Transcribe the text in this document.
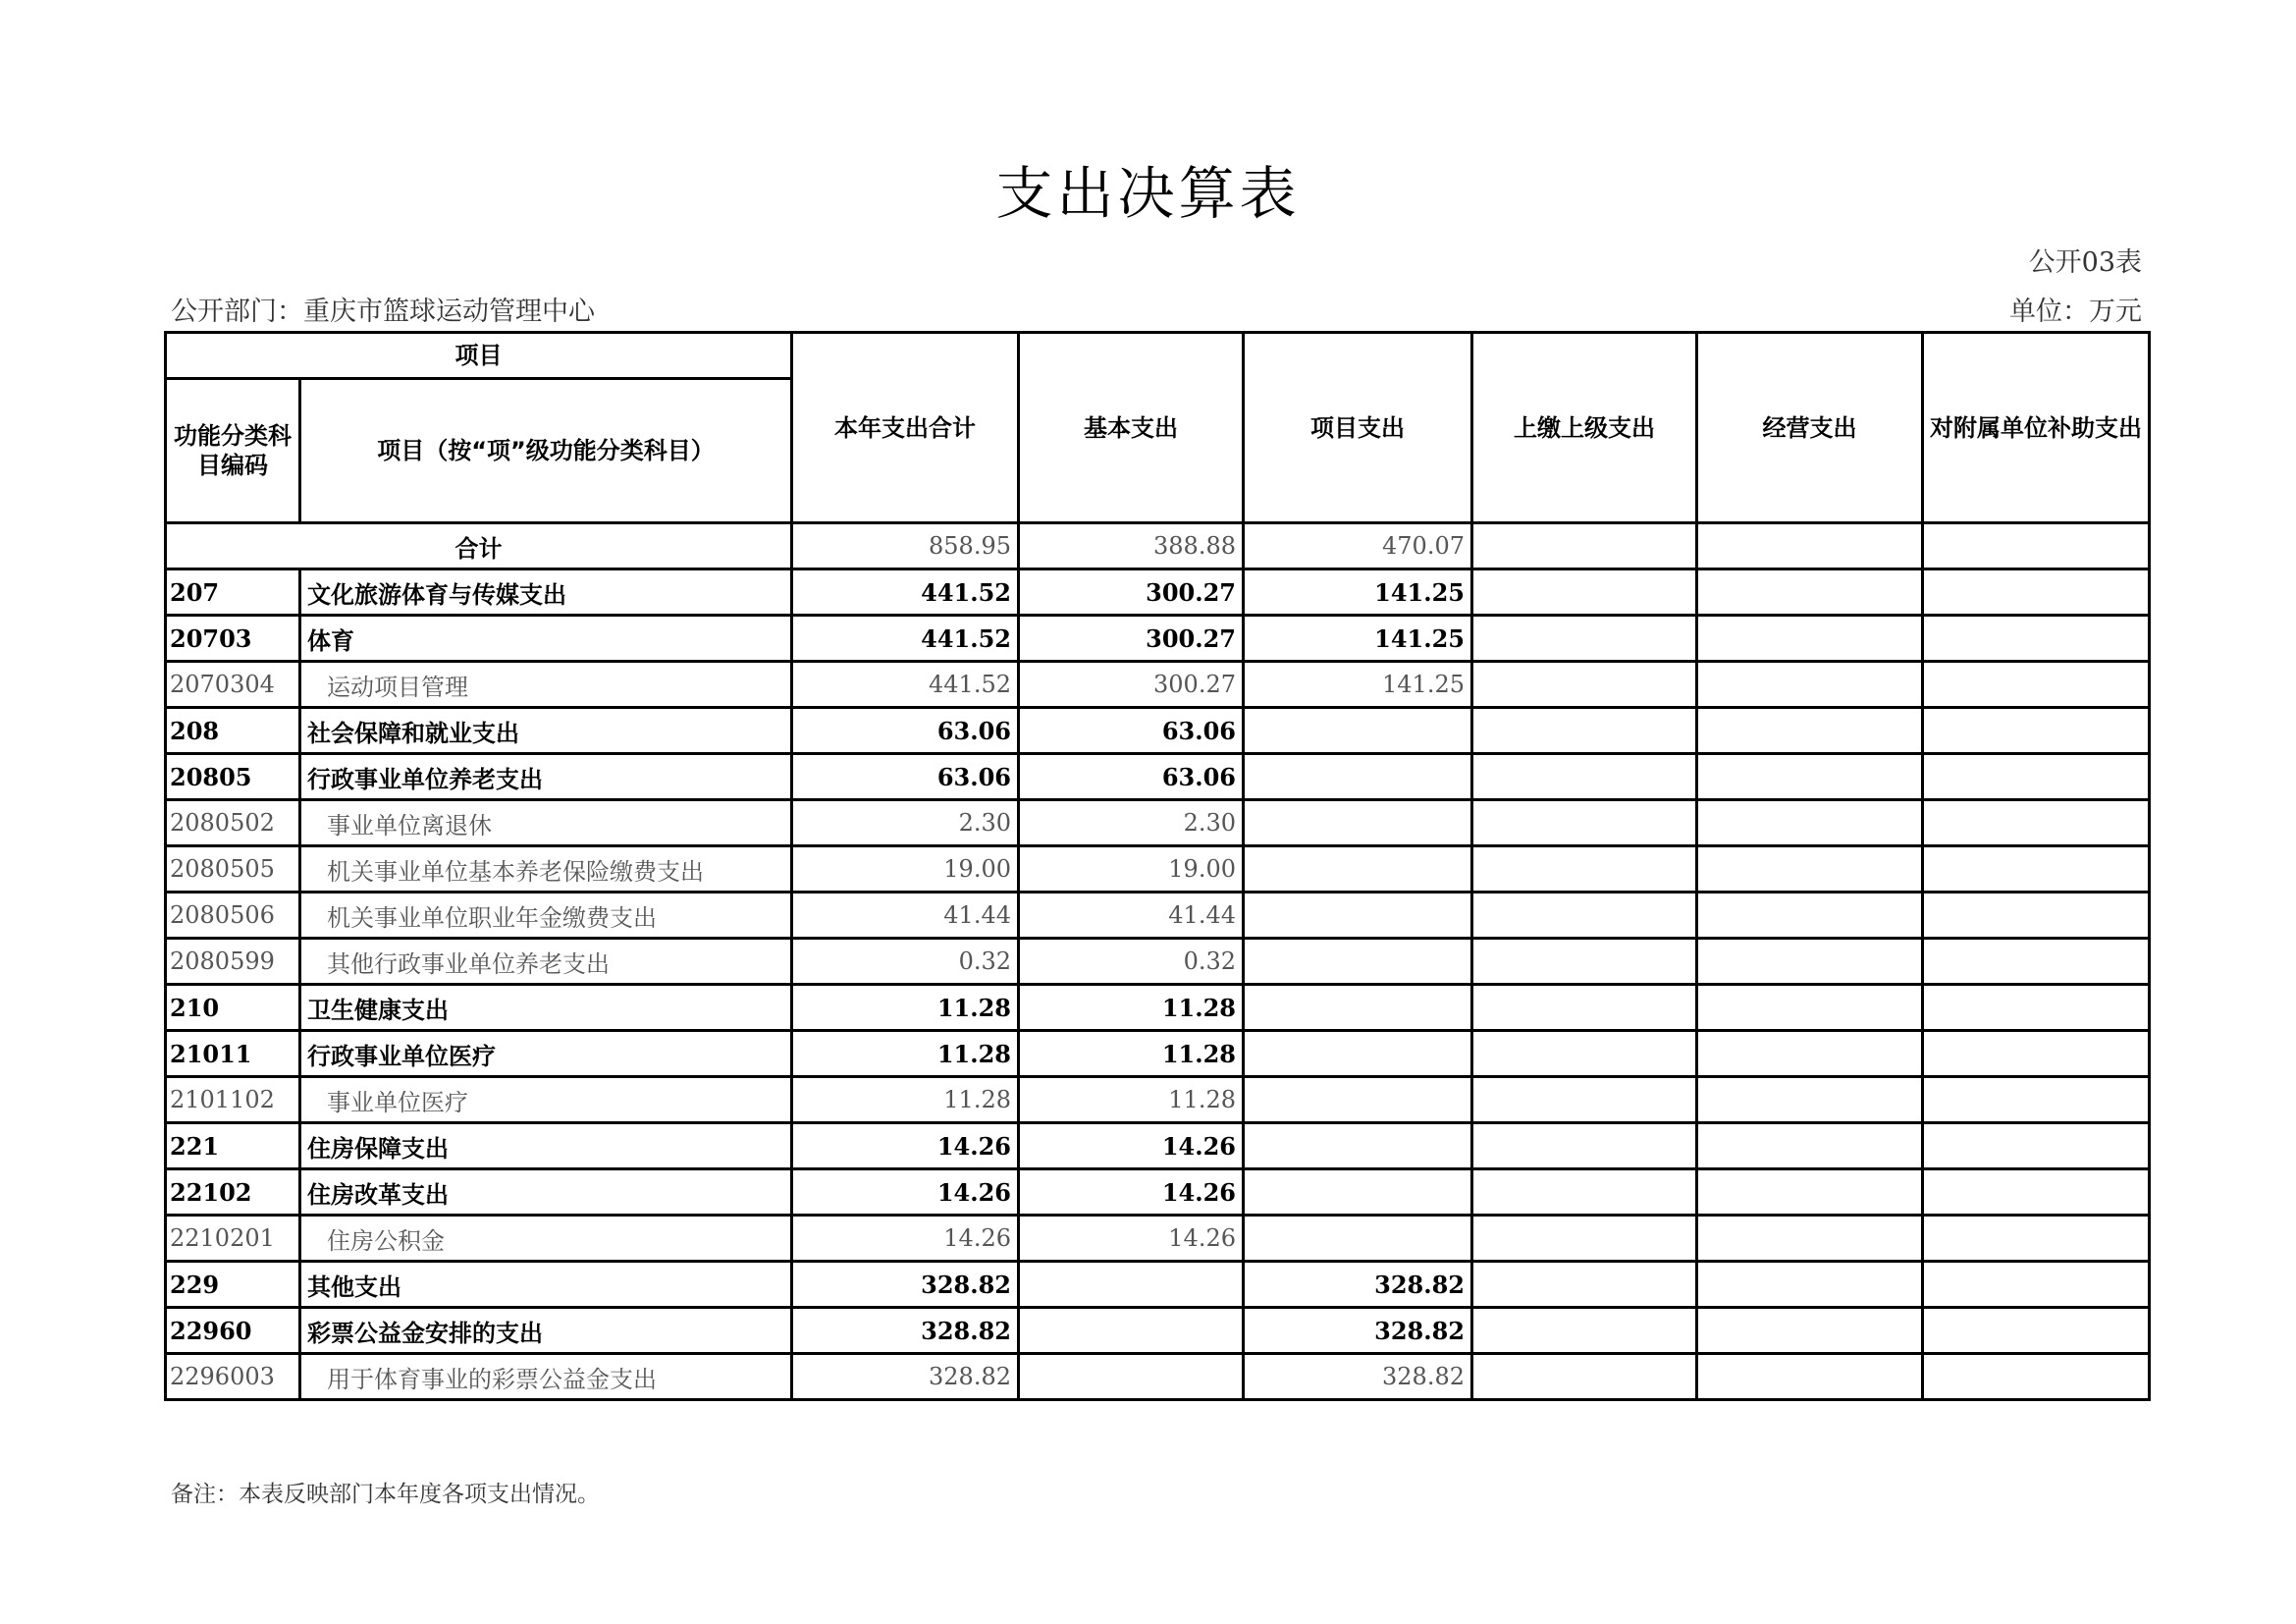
支出决算表
公开03表
公开部门：重庆市篮球运动管理中心	单位：万元
项目		本年支出合计	基本支出	项目支出	上缴上级支出	经营支出	对附属单位补助支出
功能分类科目编码	项目（按“项”级功能分类科目）						
合计		858.95	388.88	470.07			
207	文化旅游体育与传媒支出	441.52	300.27	141.25			
20703	体育	441.52	300.27	141.25			
2070304	运动项目管理	441.52	300.27	141.25			
208	社会保障和就业支出	63.06	63.06				
20805	行政事业单位养老支出	63.06	63.06				
2080502	事业单位离退休	2.30	2.30				
2080505	机关事业单位基本养老保险缴费支出	19.00	19.00				
2080506	机关事业单位职业年金缴费支出	41.44	41.44				
2080599	其他行政事业单位养老支出	0.32	0.32				
210	卫生健康支出	11.28	11.28				
21011	行政事业单位医疗	11.28	11.28				
2101102	事业单位医疗	11.28	11.28				
221	住房保障支出	14.26	14.26				
22102	住房改革支出	14.26	14.26				
2210201	住房公积金	14.26	14.26				
229	其他支出	328.82		328.82			
22960	彩票公益金安排的支出	328.82		328.82			
2296003	用于体育事业的彩票公益金支出	328.82		328.82			
备注：本表反映部门本年度各项支出情况。
